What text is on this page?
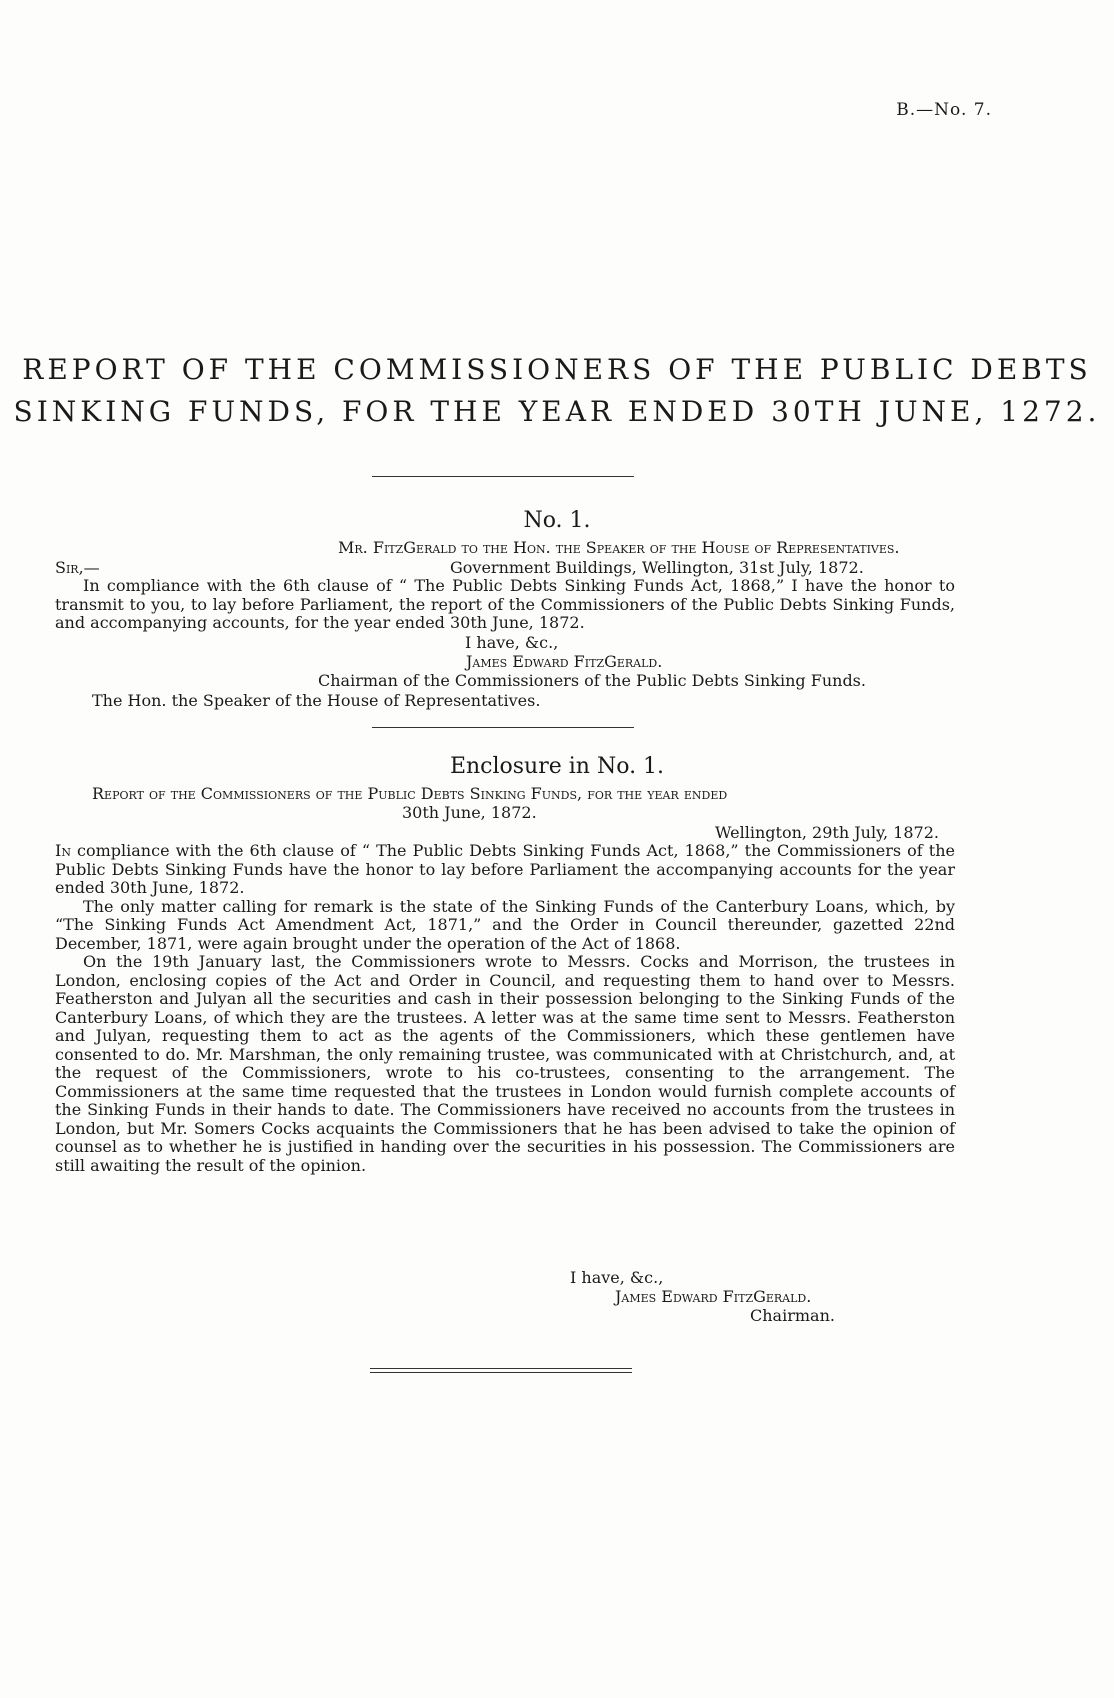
B.—No. 7.
REPORT OF THE COMMISSIONERS OF THE PUBLIC DEBTS
SINKING FUNDS, FOR THE YEAR ENDED 30TH JUNE, 1272.
No. 1.
Mr. FitzGerald to the Hon. the Speaker of the House of Representatives.
Sir,—	Government Buildings, Wellington, 31st July, 1872.

In compliance with the 6th clause of “ The Public Debts Sinking Funds Act, 1868,” I have the honor to transmit to you, to lay before Parliament, the report of the Commissioners of the Public Debts Sinking Funds, and accompanying accounts, for the year ended 30th June, 1872.

I have, &c.,
James Edward FitzGerald.
Chairman of the Commissioners of the Public Debts Sinking Funds.
The Hon. the Speaker of the House of Representatives.
Enclosure in No. 1.
Report of the Commissioners of the Public Debts Sinking Funds, for the year ended
30th June, 1872.
Wellington, 29th July, 1872.

In compliance with the 6th clause of “ The Public Debts Sinking Funds Act, 1868,” the Commissioners of the Public Debts Sinking Funds have the honor to lay before Parliament the accompanying accounts for the year ended 30th June, 1872.

The only matter calling for remark is the state of the Sinking Funds of the Canterbury Loans, which, by “The Sinking Funds Act Amendment Act, 1871,” and the Order in Council thereunder, gazetted 22nd December, 1871, were again brought under the operation of the Act of 1868.

On the 19th January last, the Commissioners wrote to Messrs. Cocks and Morrison, the trustees in London, enclosing copies of the Act and Order in Council, and requesting them to hand over to Messrs. Featherston and Julyan all the securities and cash in their possession belonging to the Sinking Funds of the Canterbury Loans, of which they are the trustees. A letter was at the same time sent to Messrs. Featherston and Julyan, requesting them to act as the agents of the Commissioners, which these gentlemen have consented to do. Mr. Marshman, the only remaining trustee, was communicated with at Christchurch, and, at the request of the Commissioners, wrote to his co-trustees, consenting to the arrangement. The Commissioners at the same time requested that the trustees in London would furnish complete accounts of the Sinking Funds in their hands to date. The Commissioners have received no accounts from the trustees in London, but Mr. Somers Cocks acquaints the Commissioners that he has been advised to take the opinion of counsel as to whether he is justified in handing over the securities in his possession. The Commissioners are still awaiting the result of the opinion.

I have, &c.,
James Edward FitzGerald.
Chairman.
